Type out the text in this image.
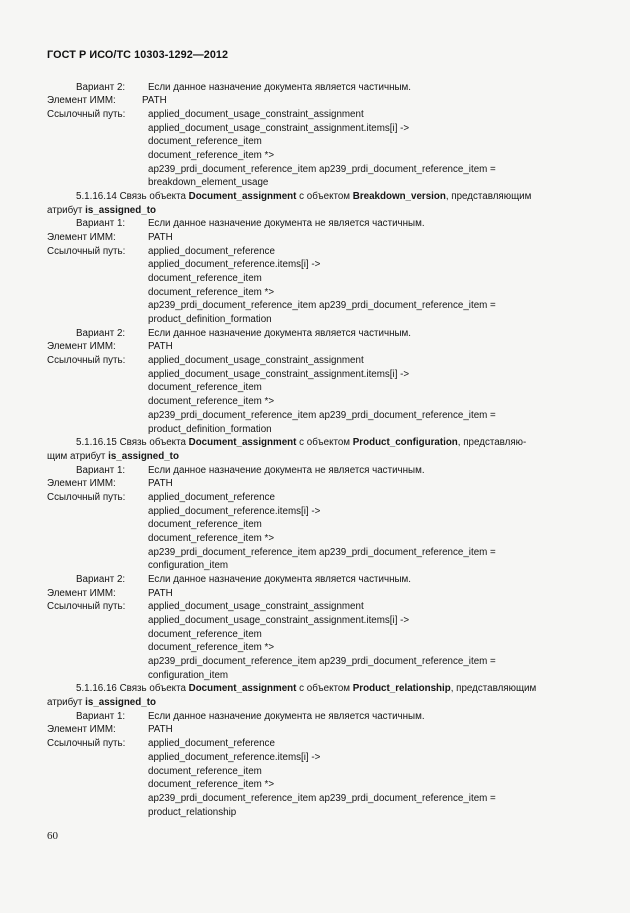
ГОСТ Р ИСО/ТС 10303-1292—2012
Вариант 2: Если данное назначение документа является частичным.
Элемент ИММ:	PATH
Ссылочный путь: applied_document_usage_constraint_assignment
applied_document_usage_constraint_assignment.items[i] ->
document_reference_item
document_reference_item *>
ap239_prdi_document_reference_item ap239_prdi_document_reference_item =
breakdown_element_usage
5.1.16.14 Связь объекта Document_assignment с объектом Breakdown_version, представляющим
атрибут is_assigned_to
Вариант 1: Если данное назначение документа не является частичным.
Элемент ИММ:	PATH
Ссылочный путь: applied_document_reference
applied_document_reference.items[i] ->
document_reference_item
document_reference_item *>
ap239_prdi_document_reference_item ap239_prdi_document_reference_item =
product_definition_formation
Вариант 2: Если данное назначение документа является частичным.
Элемент ИММ:	PATH
Ссылочный путь: applied_document_usage_constraint_assignment
applied_document_usage_constraint_assignment.items[i] ->
document_reference_item
document_reference_item *>
ap239_prdi_document_reference_item ap239_prdi_document_reference_item =
product_definition_formation
5.1.16.15 Связь объекта Document_assignment с объектом Product_configuration, представляю-
щим атрибут is_assigned_to
Вариант 1: Если данное назначение документа не является частичным.
Элемент ИММ:	PATH
Ссылочный путь: applied_document_reference
applied_document_reference.items[i] ->
document_reference_item
document_reference_item *>
ap239_prdi_document_reference_item ap239_prdi_document_reference_item =
configuration_item
Вариант 2: Если данное назначение документа является частичным.
Элемент ИММ:	PATH
Ссылочный путь: applied_document_usage_constraint_assignment
applied_document_usage_constraint_assignment.items[i] ->
document_reference_item
document_reference_item *>
ap239_prdi_document_reference_item ap239_prdi_document_reference_item =
configuration_item
5.1.16.16 Связь объекта Document_assignment с объектом Product_relationship, представляющим
атрибут is_assigned_to
Вариант 1: Если данное назначение документа не является частичным.
Элемент ИММ:	PATH
Ссылочный путь: applied_document_reference
applied_document_reference.items[i] ->
document_reference_item
document_reference_item *>
ap239_prdi_document_reference_item ap239_prdi_document_reference_item =
product_relationship
60
